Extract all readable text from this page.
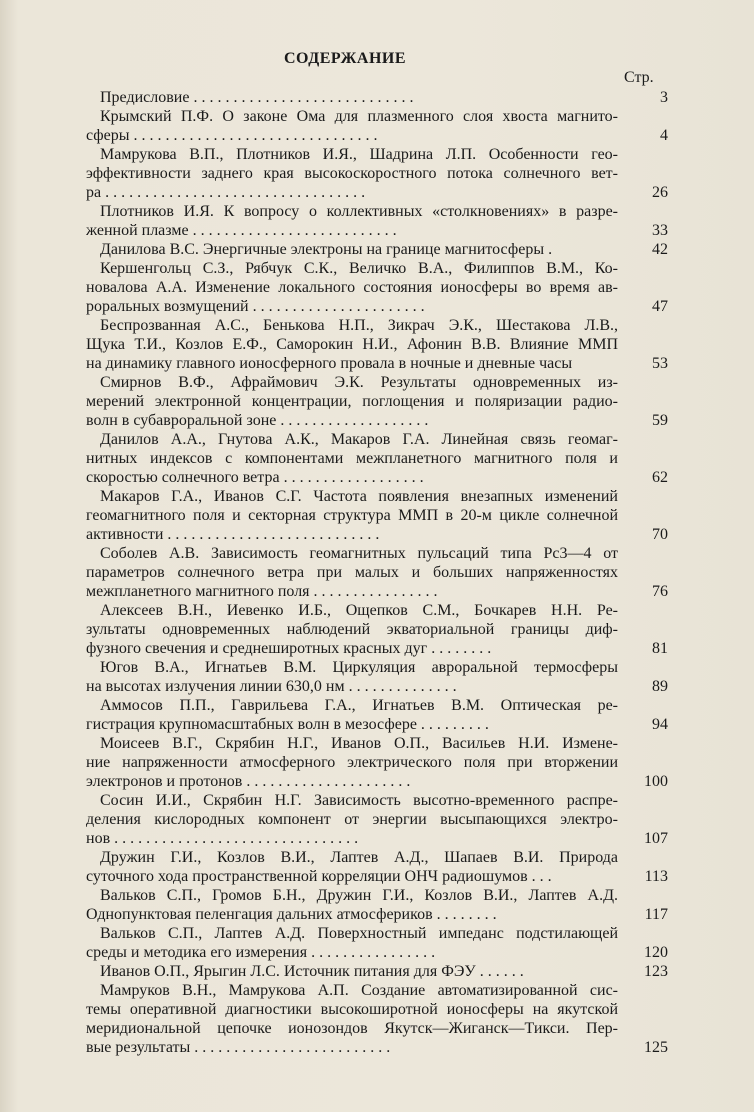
СОДЕРЖАНИЕ
Стр.
Предисловие . . . . . . . . . . . . . . . . . . . . . . . . . . . .	3
Крымский П.Ф. О законе Ома для плазменного слоя хвоста магнито-
сферы . . . . . . . . . . . . . . . . . . . . . . . . . . . . . . .	4
Мамрукова В.П., Плотников И.Я., Шадрина Л.П. Особенности гео-
эффективности заднего края высокоскоростного потока солнечного вет-
ра . . . . . . . . . . . . . . . . . . . . . . . . . . . . . . . . .	26
Плотников И.Я. К вопросу о коллективных «столкновениях» в разре-
женной плазме . . . . . . . . . . . . . . . . . . . . . . . . . .	33
Данилова В.С. Энергичные электроны на границе магнитосферы .	42
Кершенгольц С.З., Рябчук С.К., Величко В.А., Филиппов В.М., Ко-
новалова А.А. Изменение локального состояния ионосферы во время ав-
роральных возмущений . . . . . . . . . . . . . . . . . . . . . .	47
Беспрозванная А.С., Бенькова Н.П., Зикрач Э.К., Шестакова Л.В.,
Щука Т.И., Козлов Е.Ф., Саморокин Н.И., Афонин В.В. Влияние ММП
на динамику главного ионосферного провала в ночные и дневные часы	53
Смирнов В.Ф., Афраймович Э.К. Результаты одновременных из-
мерений электронной концентрации, поглощения и поляризации радио-
волн в субавроральной зоне . . . . . . . . . . . . . . . . . . .	59
Данилов А.А., Гнутова А.К., Макаров Г.А. Линейная связь геомаг-
нитных индексов с компонентами межпланетного магнитного поля и
скоростью солнечного ветра . . . . . . . . . . . . . . . . . .	62
Макаров Г.А., Иванов С.Г. Частота появления внезапных изменений
геомагнитного поля и секторная структура ММП в 20-м цикле солнечной
активности . . . . . . . . . . . . . . . . . . . . . . . . . . .	70
Соболев А.В. Зависимость геомагнитных пульсаций типа Рс3—4 от
параметров солнечного ветра при малых и больших напряженностях
межпланетного магнитного поля . . . . . . . . . . . . . . . .	76
Алексеев В.Н., Иевенко И.Б., Ощепков С.М., Бочкарев Н.Н. Ре-
зультаты одновременных наблюдений экваториальной границы диф-
фузного свечения и среднеширотных красных дуг . . . . . . . .	81
Югов В.А., Игнатьев В.М. Циркуляция авроральной термосферы
на высотах излучения линии 630,0 нм . . . . . . . . . . . . . .	89
Аммосов П.П., Гаврильева Г.А., Игнатьев В.М. Оптическая ре-
гистрация крупномасштабных волн в мезосфере . . . . . . . . .	94
Моисеев В.Г., Скрябин Н.Г., Иванов О.П., Васильев Н.И. Измене-
ние напряженности атмосферного электрического поля при вторжении
электронов и протонов . . . . . . . . . . . . . . . . . . . . .	100
Сосин И.И., Скрябин Н.Г. Зависимость высотно-временного распре-
деления кислородных компонент от энергии высыпающихся электро-
нов . . . . . . . . . . . . . . . . . . . . . . . . . . . . . . .	107
Дружин Г.И., Козлов В.И., Лаптев А.Д., Шапаев В.И. Природа
суточного хода пространственной корреляции ОНЧ радиошумов . . .	113
Вальков С.П., Громов Б.Н., Дружин Г.И., Козлов В.И., Лаптев А.Д.
Однопунктовая пеленгация дальних атмосфериков . . . . . . . .	117
Вальков С.П., Лаптев А.Д. Поверхностный импеданс подстилающей
среды и методика его измерения . . . . . . . . . . . . . . . .	120
Иванов О.П., Ярыгин Л.С. Источник питания для ФЭУ . . . . . .	123
Мамруков В.Н., Мамрукова А.П. Создание автоматизированной сис-
темы оперативной диагностики высокоширотной ионосферы на якутской
меридиональной цепочке ионозондов Якутск—Жиганск—Тикси. Пер-
вые результаты . . . . . . . . . . . . . . . . . . . . . . . . .	125
